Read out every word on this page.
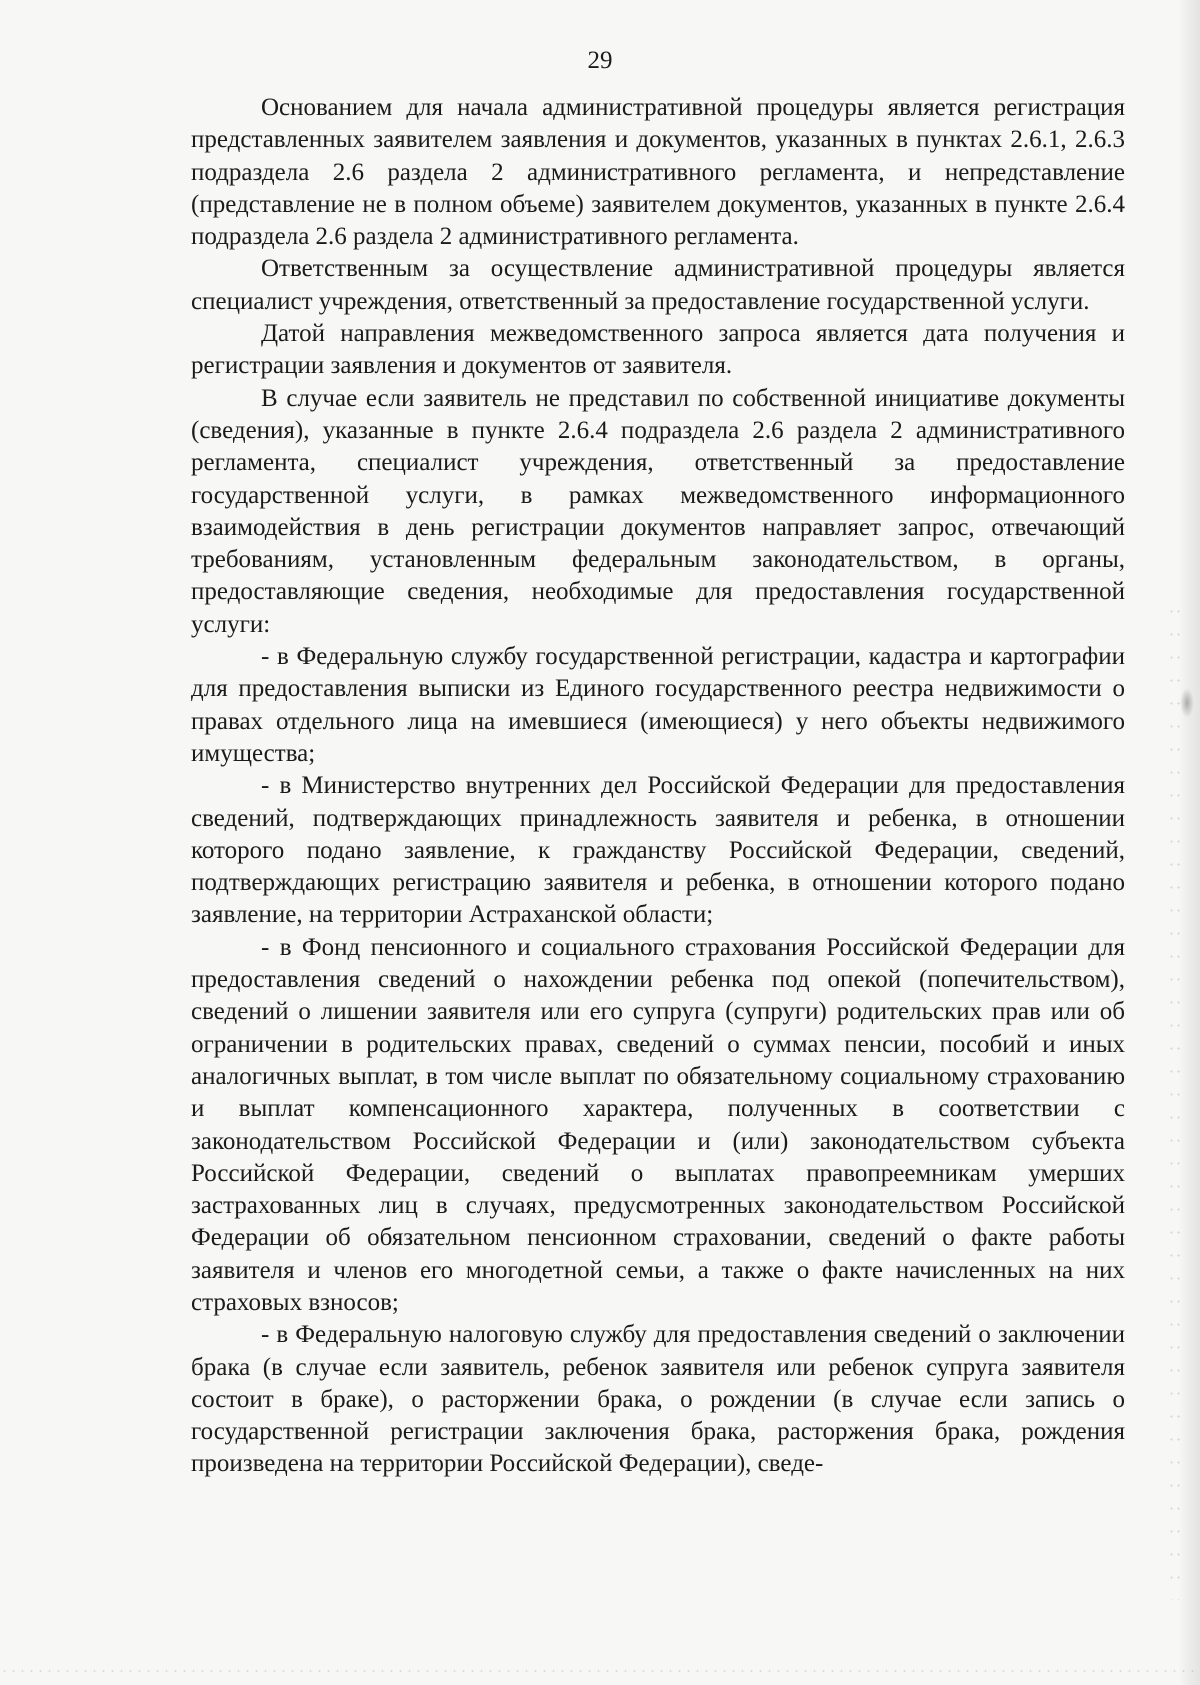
29

Основанием для начала административной процедуры является регистрация представленных заявителем заявления и документов, указанных в пунктах 2.6.1, 2.6.3 подраздела 2.6 раздела 2 административного регламента, и непредставление (представление не в полном объеме) заявителем документов, указанных в пункте 2.6.4 подраздела 2.6 раздела 2 административного регламента.

Ответственным за осуществление административной процедуры является специалист учреждения, ответственный за предоставление государственной услуги.

Датой направления межведомственного запроса является дата получения и регистрации заявления и документов от заявителя.

В случае если заявитель не представил по собственной инициативе документы (сведения), указанные в пункте 2.6.4 подраздела 2.6 раздела 2 административного регламента, специалист учреждения, ответственный за предоставление государственной услуги, в рамках межведомственного информационного взаимодействия в день регистрации документов направляет запрос, отвечающий требованиям, установленным федеральным законодательством, в органы, предоставляющие сведения, необходимые для предоставления государственной услуги:

- в Федеральную службу государственной регистрации, кадастра и картографии для предоставления выписки из Единого государственного реестра недвижимости о правах отдельного лица на имевшиеся (имеющиеся) у него объекты недвижимого имущества;

- в Министерство внутренних дел Российской Федерации для предоставления сведений, подтверждающих принадлежность заявителя и ребенка, в отношении которого подано заявление, к гражданству Российской Федерации, сведений, подтверждающих регистрацию заявителя и ребенка, в отношении которого подано заявление, на территории Астраханской области;

- в Фонд пенсионного и социального страхования Российской Федерации для предоставления сведений о нахождении ребенка под опекой (попечительством), сведений о лишении заявителя или его супруга (супруги) родительских прав или об ограничении в родительских правах, сведений о суммах пенсии, пособий и иных аналогичных выплат, в том числе выплат по обязательному социальному страхованию и выплат компенсационного характера, полученных в соответствии с законодательством Российской Федерации и (или) законодательством субъекта Российской Федерации, сведений о выплатах правопреемникам умерших застрахованных лиц в случаях, предусмотренных законодательством Российской Федерации об обязательном пенсионном страховании, сведений о факте работы заявителя и членов его многодетной семьи, а также о факте начисленных на них страховых взносов;

- в Федеральную налоговую службу для предоставления сведений о заключении брака (в случае если заявитель, ребенок заявителя или ребенок супруга заявителя состоит в браке), о расторжении брака, о рождении (в случае если запись о государственной регистрации заключения брака, расторжения брака, рождения произведена на территории Российской Федерации), сведе-
